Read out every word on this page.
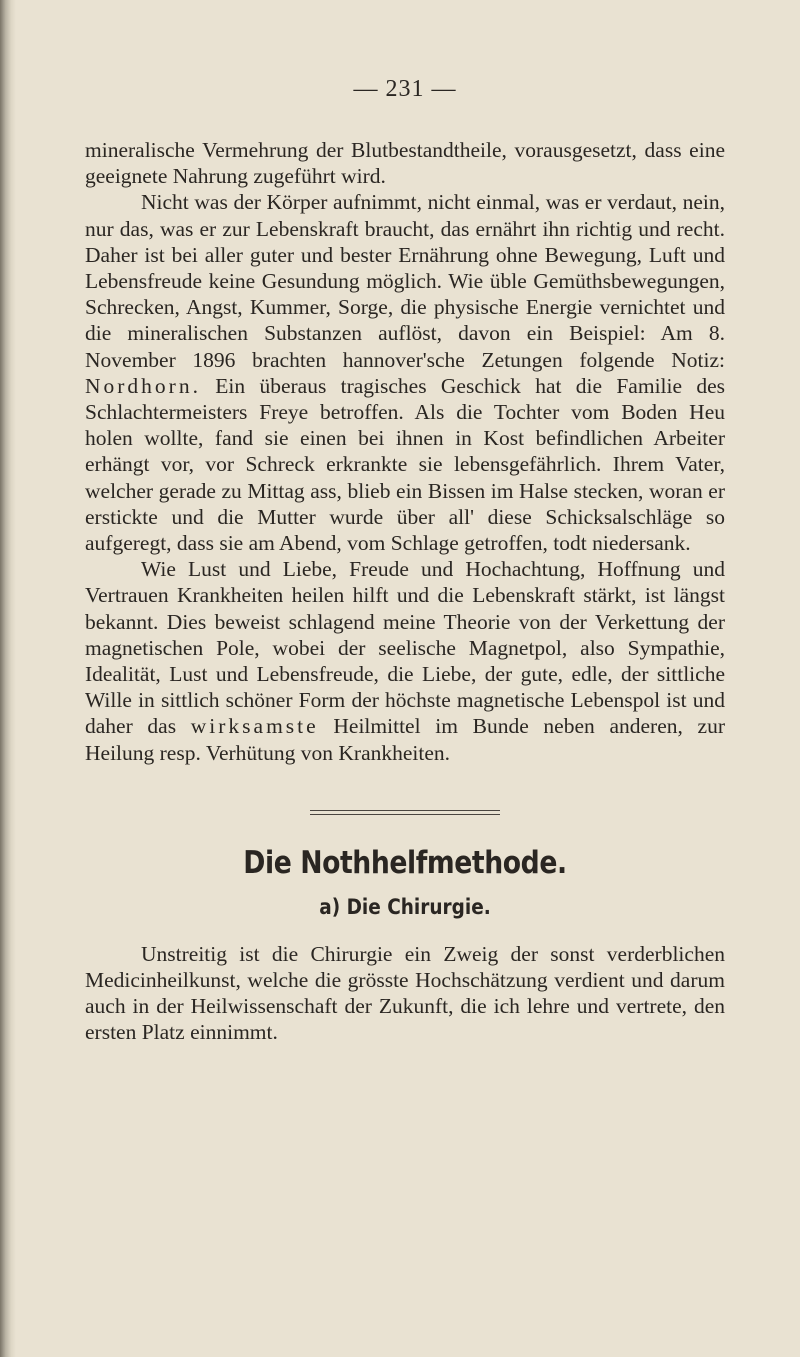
— 231 —

mineralische Vermehrung der Blutbestandtheile, vorausgesetzt, dass eine geeignete Nahrung zugeführt wird.

Nicht was der Körper aufnimmt, nicht einmal, was er verdaut, nein, nur das, was er zur Lebenskraft braucht, das ernährt ihn richtig und recht. Daher ist bei aller guter und bester Ernährung ohne Bewegung, Luft und Lebensfreude keine Gesundung möglich. Wie üble Gemüthsbewegungen, Schrecken, Angst, Kummer, Sorge, die physische Energie vernichtet und die mineralischen Substanzen auflöst, davon ein Beispiel: Am 8. November 1896 brachten hannover'sche Zetungen folgende Notiz: Nordhorn. Ein überaus tragisches Geschick hat die Familie des Schlachtermeisters Freye betroffen. Als die Tochter vom Boden Heu holen wollte, fand sie einen bei ihnen in Kost befindlichen Arbeiter erhängt vor, vor Schreck erkrankte sie lebensgefährlich. Ihrem Vater, welcher gerade zu Mittag ass, blieb ein Bissen im Halse stecken, woran er erstickte und die Mutter wurde über all' diese Schicksalschläge so aufgeregt, dass sie am Abend, vom Schlage getroffen, todt niedersank.

Wie Lust und Liebe, Freude und Hochachtung, Hoffnung und Vertrauen Krankheiten heilen hilft und die Lebenskraft stärkt, ist längst bekannt. Dies beweist schlagend meine Theorie von der Verkettung der magnetischen Pole, wobei der seelische Magnetpol, also Sympathie, Idealität, Lust und Lebensfreude, die Liebe, der gute, edle, der sittliche Wille in sittlich schöner Form der höchste magnetische Lebenspol ist und daher das wirksamste Heilmittel im Bunde neben anderen, zur Heilung resp. Verhütung von Krankheiten.

Die Nothhelfmethode.
a) Die Chirurgie.

Unstreitig ist die Chirurgie ein Zweig der sonst verderblichen Medicinheilkunst, welche die grösste Hochschätzung verdient und darum auch in der Heilwissenschaft der Zukunft, die ich lehre und vertrete, den ersten Platz einnimmt.
